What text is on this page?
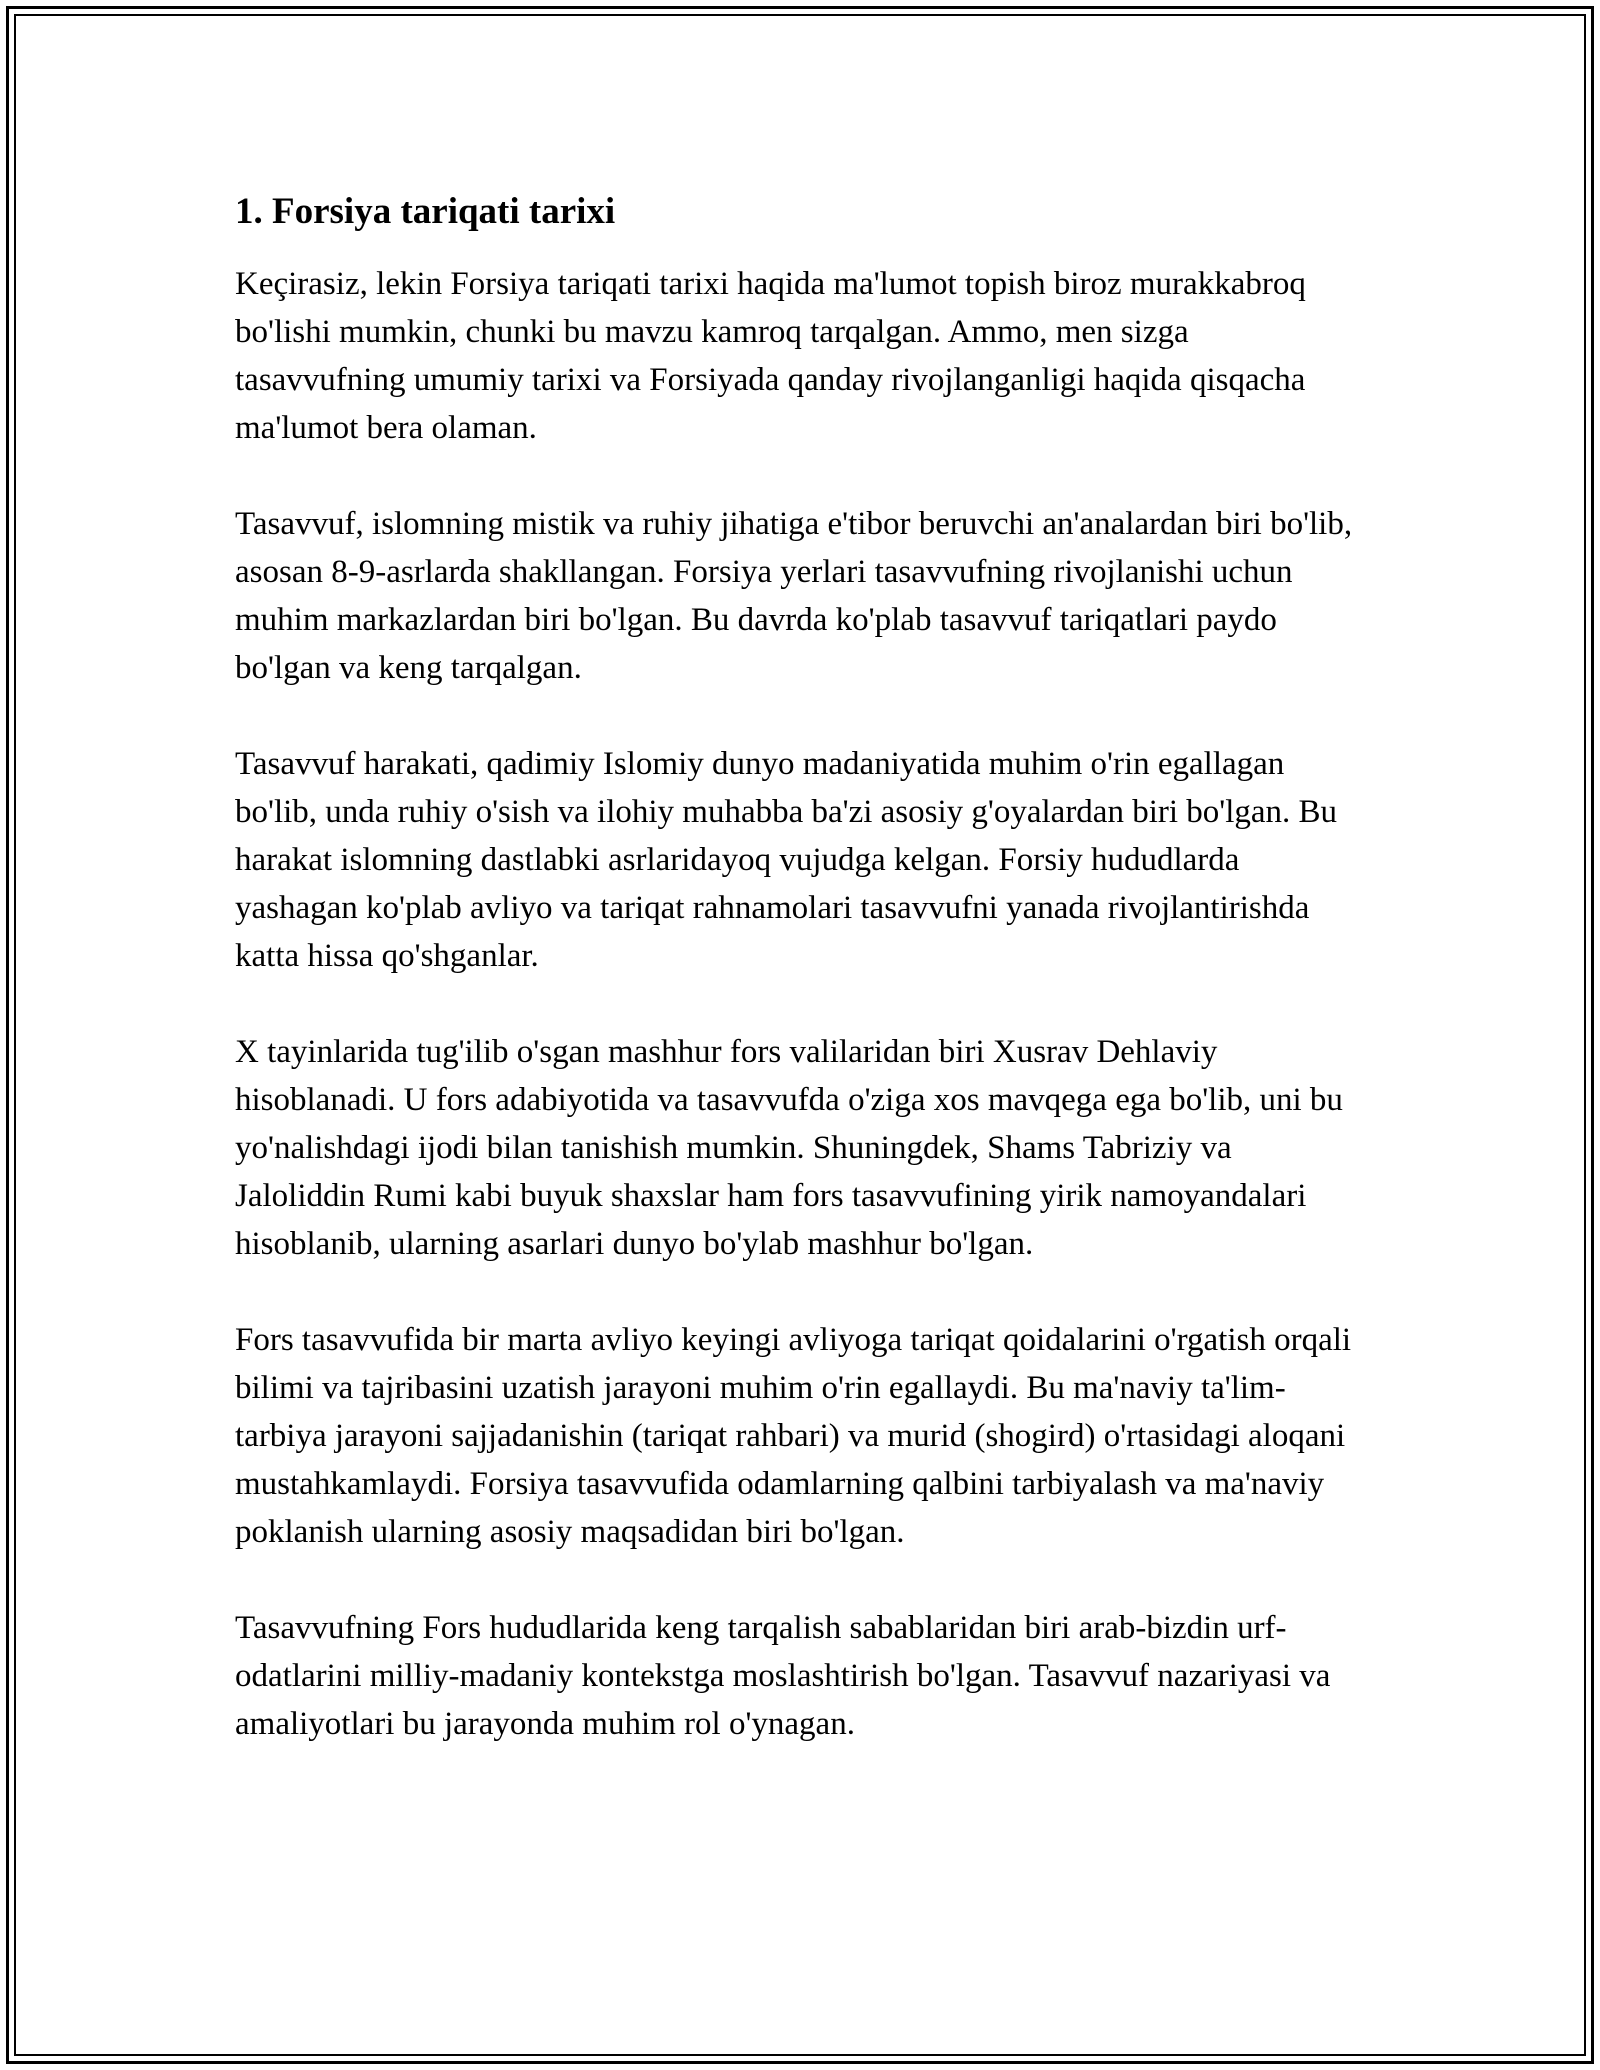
1. Forsiya tariqati tarixi

Keçirasiz, lekin Forsiya tariqati tarixi haqida ma'lumot topish biroz murakkabroq bo'lishi mumkin, chunki bu mavzu kamroq tarqalgan. Ammo, men sizga tasavvufning umumiy tarixi va Forsiyada qanday rivojlanganligi haqida qisqacha ma'lumot bera olaman.

Tasavvuf, islomning mistik va ruhiy jihatiga e'tibor beruvchi an'analardan biri bo'lib, asosan 8-9-asrlarda shakllangan. Forsiya yerlari tasavvufning rivojlanishi uchun muhim markazlardan biri bo'lgan. Bu davrda ko'plab tasavvuf tariqatlari paydo bo'lgan va keng tarqalgan.

Tasavvuf harakati, qadimiy Islomiy dunyo madaniyatida muhim o'rin egallagan bo'lib, unda ruhiy o'sish va ilohiy muhabba ba'zi asosiy g'oyalardan biri bo'lgan. Bu harakat islomning dastlabki asrlaridayoq vujudga kelgan. Forsiy hududlarda yashagan ko'plab avliyo va tariqat rahnamolari tasavvufni yanada rivojlantirishda katta hissa qo'shganlar.

X tayinlarida tug'ilib o'sgan mashhur fors valilaridan biri Xusrav Dehlaviy hisoblanadi. U fors adabiyotida va tasavvufda o'ziga xos mavqega ega bo'lib, uni bu yo'nalishdagi ijodi bilan tanishish mumkin. Shuningdek, Shams Tabriziy va Jaloliddin Rumi kabi buyuk shaxslar ham fors tasavvufining yirik namoyandalari hisoblanib, ularning asarlari dunyo bo'ylab mashhur bo'lgan.

Fors tasavvufida bir marta avliyo keyingi avliyoga tariqat qoidalarini o'rgatish orqali bilimi va tajribasini uzatish jarayoni muhim o'rin egallaydi. Bu ma'naviy ta'lim-tarbiya jarayoni sajjadanishin (tariqat rahbari) va murid (shogird) o'rtasidagi aloqani mustahkamlaydi. Forsiya tasavvufida odamlarning qalbini tarbiyalash va ma'naviy poklanish ularning asosiy maqsadidan biri bo'lgan.

Tasavvufning Fors hududlarida keng tarqalish sabablaridan biri arab-bizdin urf-odatlarini milliy-madaniy kontekstga moslashtirish bo'lgan. Tasavvuf nazariyasi va amaliyotlari bu jarayonda muhim rol o'ynagan.
